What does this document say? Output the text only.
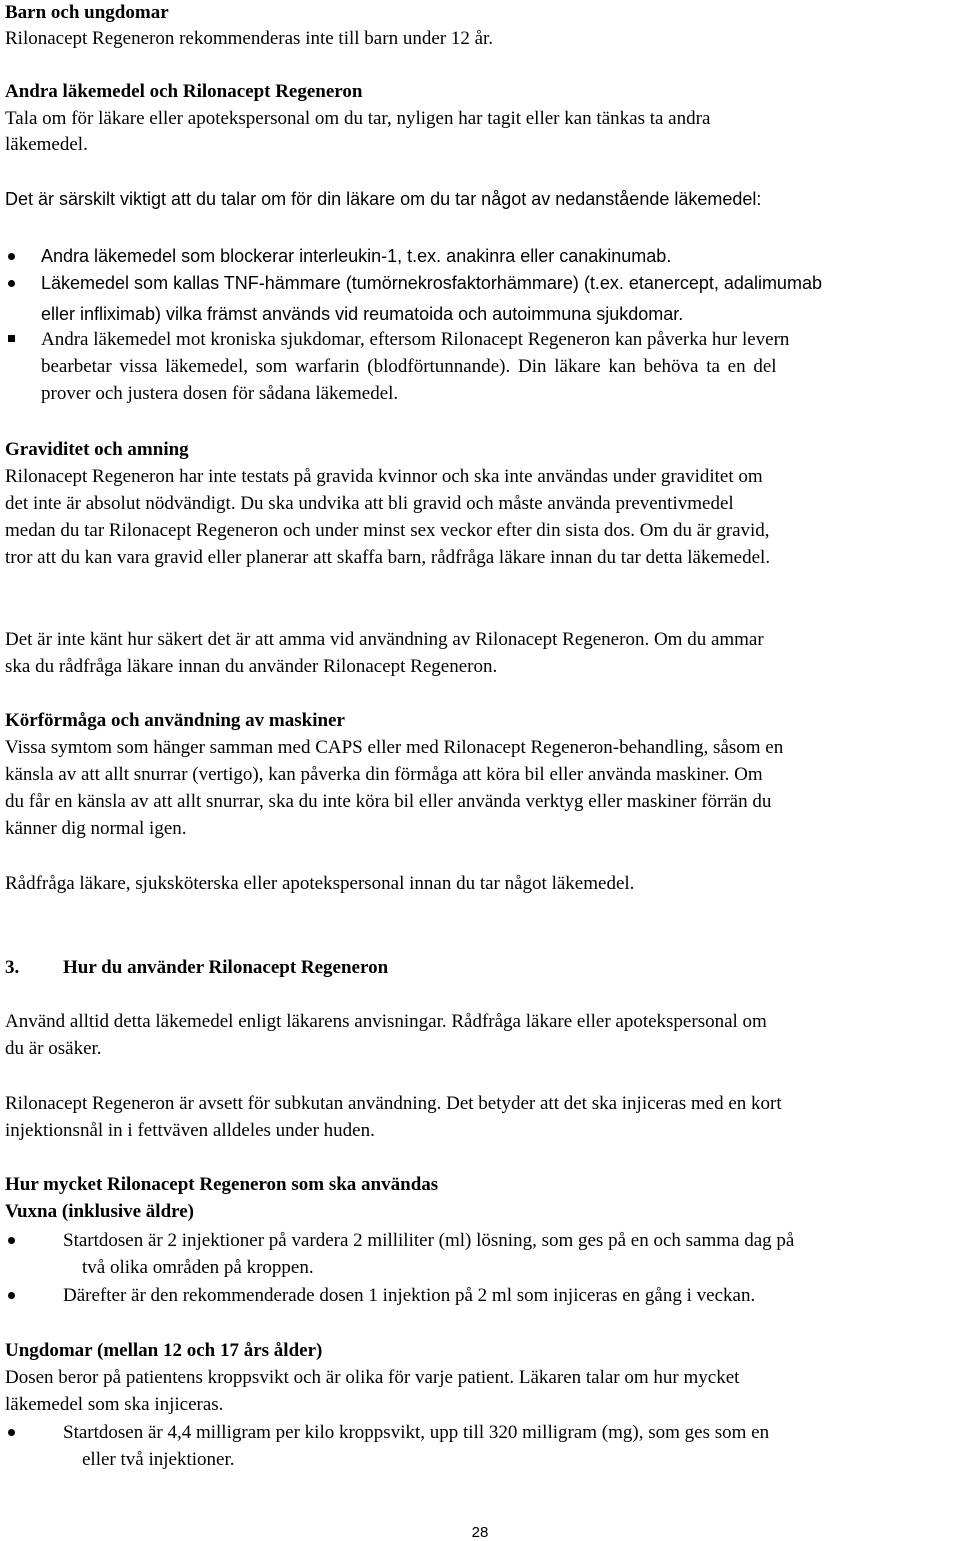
Barn och ungdomar
Rilonacept Regeneron rekommenderas inte till barn under 12 år.
Andra läkemedel och Rilonacept Regeneron
Tala om för läkare eller apotekspersonal om du tar, nyligen har tagit eller kan tänkas ta andra
läkemedel.
Det är särskilt viktigt att du talar om för din läkare om du tar något av nedanstående läkemedel:
Andra läkemedel som blockerar interleukin-1, t.ex. anakinra eller canakinumab.
Läkemedel som kallas TNF-hämmare (tumörnekrosfaktorhämmare) (t.ex. etanercept, adalimumab
eller infliximab) vilka främst används vid reumatoida och autoimmuna sjukdomar.
Andra läkemedel mot kroniska sjukdomar, eftersom Rilonacept Regeneron kan påverka hur levern
bearbetar vissa läkemedel, som warfarin (blodförtunnande). Din läkare kan behöva ta en del
prover och justera dosen för sådana läkemedel.
Graviditet och amning
Rilonacept Regeneron har inte testats på gravida kvinnor och ska inte användas under graviditet om
det inte är absolut nödvändigt. Du ska undvika att bli gravid och måste använda preventivmedel
medan du tar Rilonacept Regeneron och under minst sex veckor efter din sista dos. Om du är gravid,
tror att du kan vara gravid eller planerar att skaffa barn, rådfråga läkare innan du tar detta läkemedel.
Det är inte känt hur säkert det är att amma vid användning av Rilonacept Regeneron. Om du ammar
ska du rådfråga läkare innan du använder Rilonacept Regeneron.
Körförmåga och användning av maskiner
Vissa symtom som hänger samman med CAPS eller med Rilonacept Regeneron-behandling, såsom en
känsla av att allt snurrar (vertigo), kan påverka din förmåga att köra bil eller använda maskiner. Om
du får en känsla av att allt snurrar, ska du inte köra bil eller använda verktyg eller maskiner förrän du
känner dig normal igen.
Rådfråga läkare, sjuksköterska eller apotekspersonal innan du tar något läkemedel.
3. Hur du använder Rilonacept Regeneron
Använd alltid detta läkemedel enligt läkarens anvisningar. Rådfråga läkare eller apotekspersonal om
du är osäker.
Rilonacept Regeneron är avsett för subkutan användning. Det betyder att det ska injiceras med en kort
injektionsnål in i fettväven alldeles under huden.
Hur mycket Rilonacept Regeneron som ska användas
Vuxna (inklusive äldre)
Startdosen är 2 injektioner på vardera 2 milliliter (ml) lösning, som ges på en och samma dag på
två olika områden på kroppen.
Därefter är den rekommenderade dosen 1 injektion på 2 ml som injiceras en gång i veckan.
Ungdomar (mellan 12 och 17 års ålder)
Dosen beror på patientens kroppsvikt och är olika för varje patient. Läkaren talar om hur mycket
läkemedel som ska injiceras.
Startdosen är 4,4 milligram per kilo kroppsvikt, upp till 320 milligram (mg), som ges som en
eller två injektioner.
28
